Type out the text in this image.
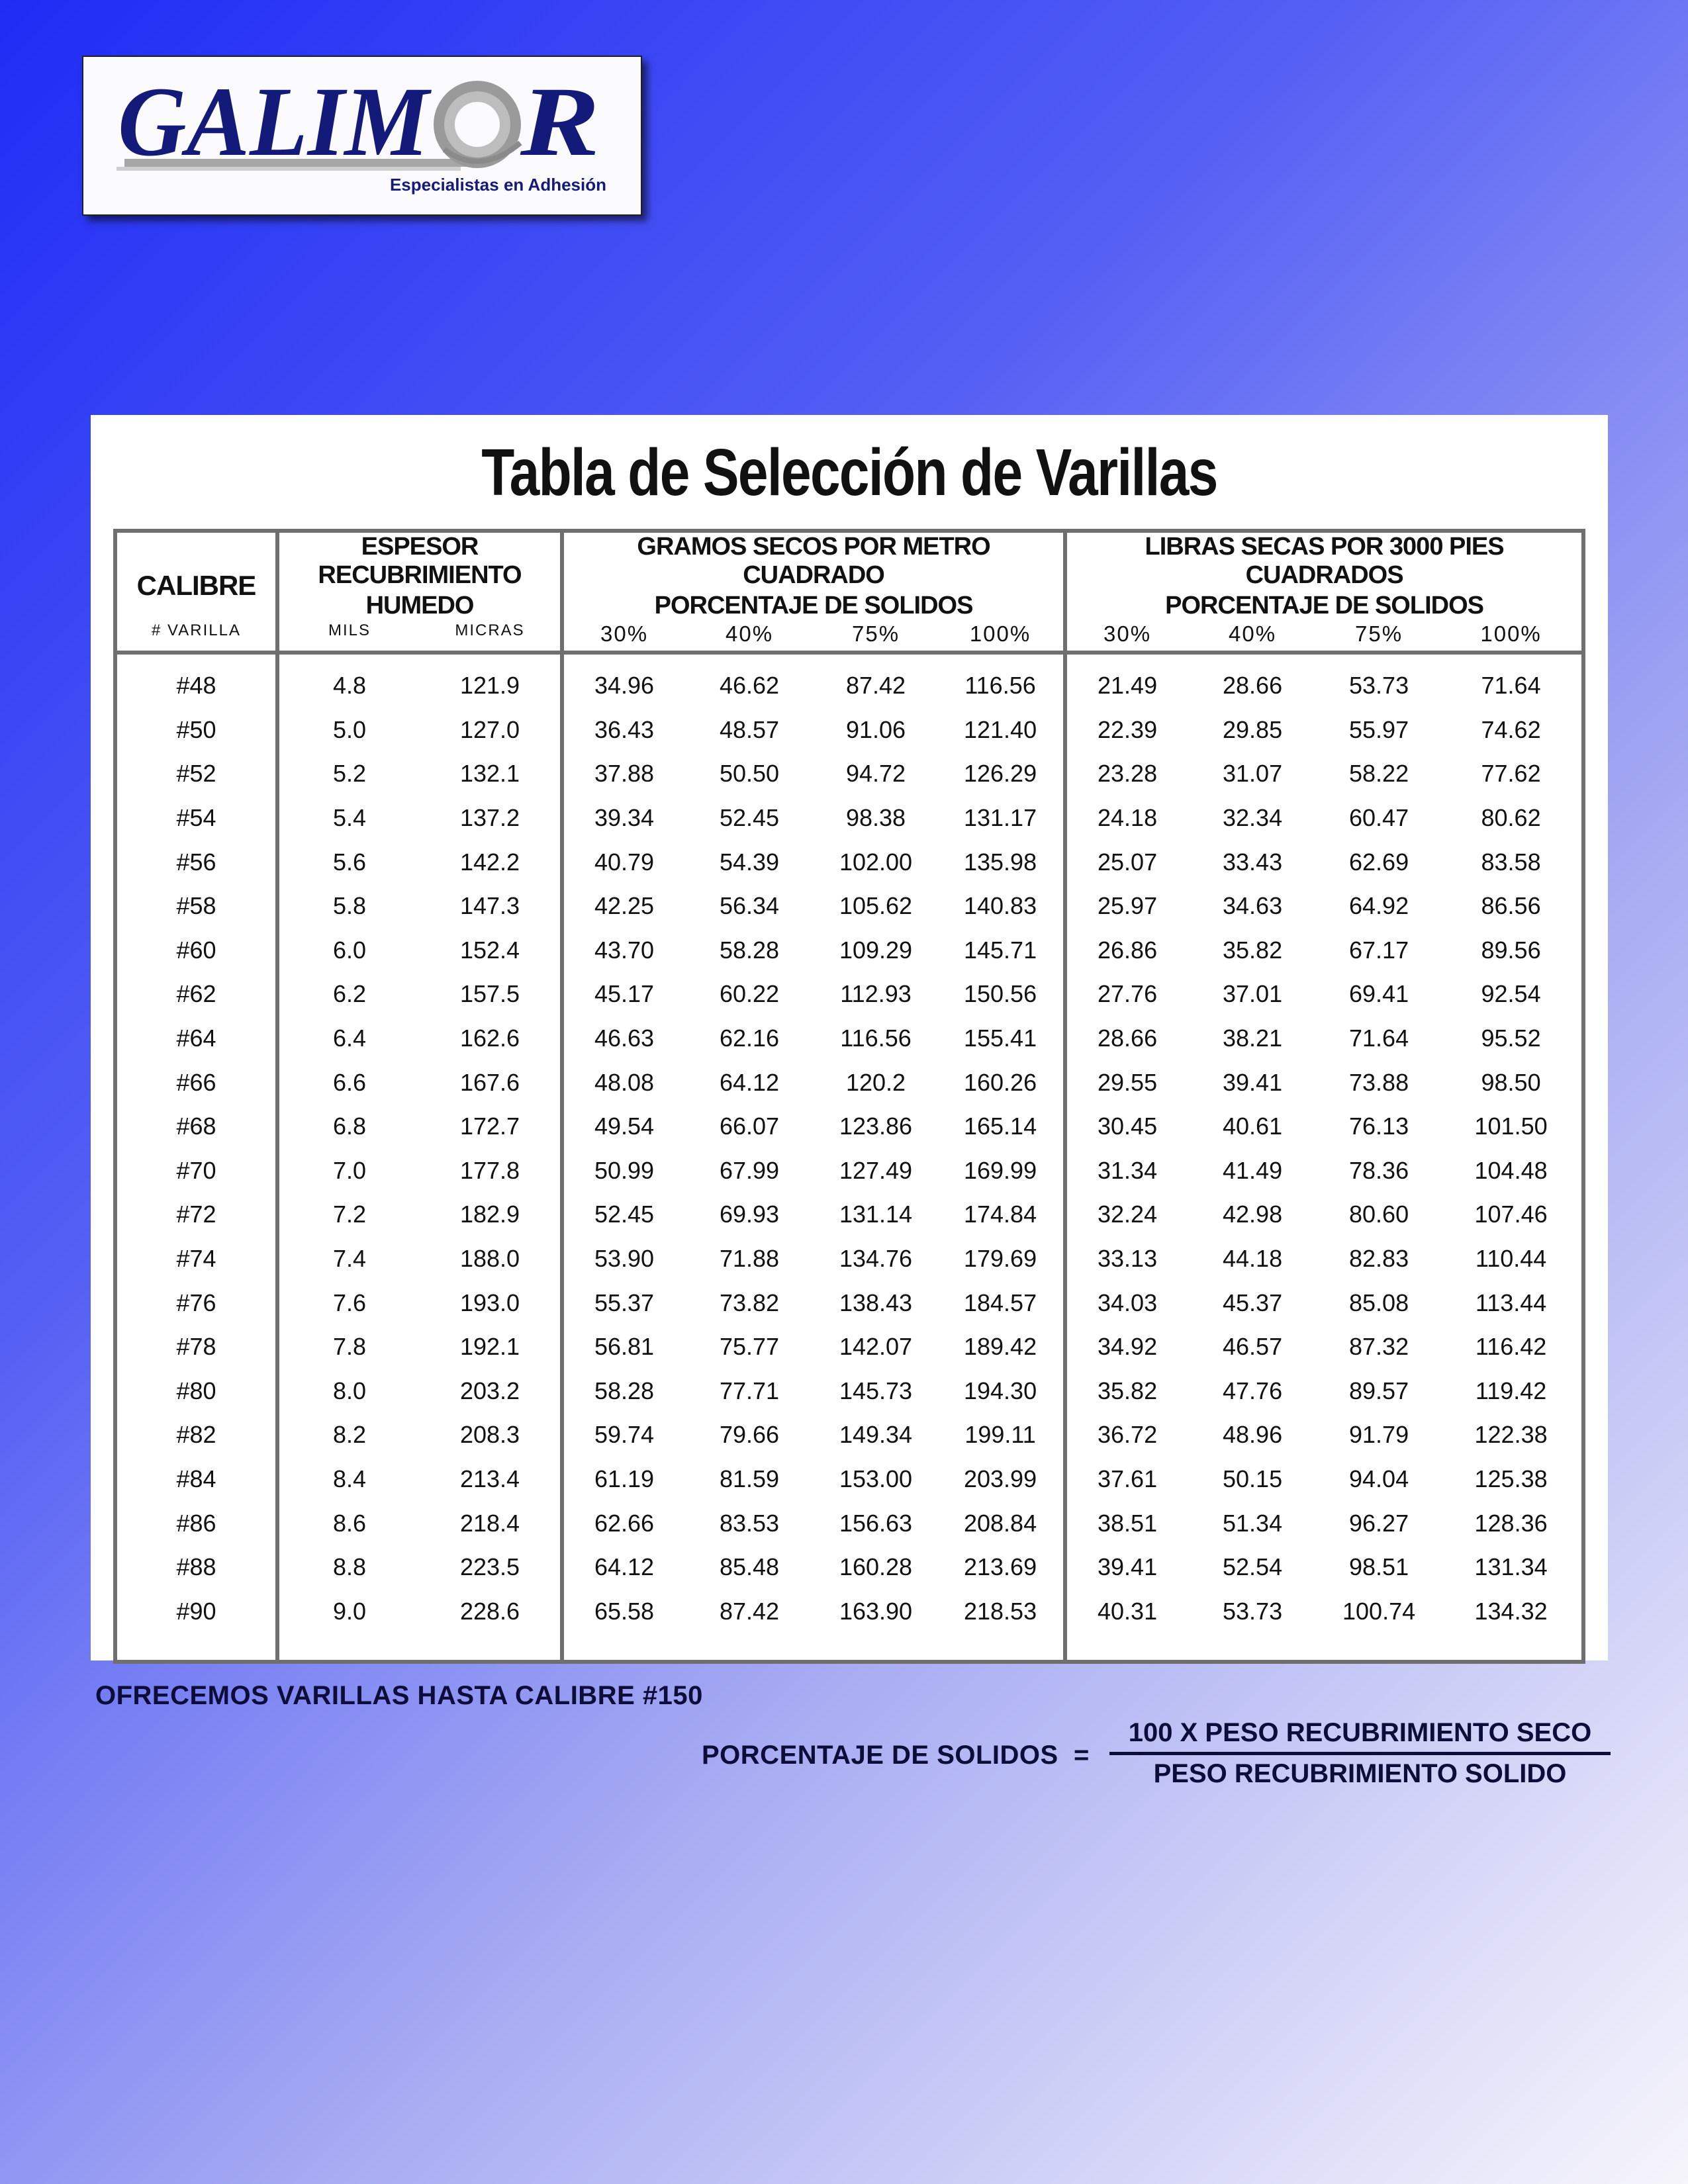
GALIM R
Especialistas en Adhesión
Tabla de Selección de Varillas
CALIBRE	ESPESOR RECUBRIMIENTO		GRAMOS SECOS POR METRO CUADRADO				LIBRAS SECAS POR 3000 PIES CUADRADOS			
	HUMEDO		PORCENTAJE DE SOLIDOS				PORCENTAJE DE SOLIDOS			
# VARILLA	MILS	MICRAS	30%	40%	75%	100%	30%	40%	75%	100%
#48	4.8	121.9	34.96	46.62	87.42	116.56	21.49	28.66	53.73	71.64
#50	5.0	127.0	36.43	48.57	91.06	121.40	22.39	29.85	55.97	74.62
#52	5.2	132.1	37.88	50.50	94.72	126.29	23.28	31.07	58.22	77.62
#54	5.4	137.2	39.34	52.45	98.38	131.17	24.18	32.34	60.47	80.62
#56	5.6	142.2	40.79	54.39	102.00	135.98	25.07	33.43	62.69	83.58
#58	5.8	147.3	42.25	56.34	105.62	140.83	25.97	34.63	64.92	86.56
#60	6.0	152.4	43.70	58.28	109.29	145.71	26.86	35.82	67.17	89.56
#62	6.2	157.5	45.17	60.22	112.93	150.56	27.76	37.01	69.41	92.54
#64	6.4	162.6	46.63	62.16	116.56	155.41	28.66	38.21	71.64	95.52
#66	6.6	167.6	48.08	64.12	120.2	160.26	29.55	39.41	73.88	98.50
#68	6.8	172.7	49.54	66.07	123.86	165.14	30.45	40.61	76.13	101.50
#70	7.0	177.8	50.99	67.99	127.49	169.99	31.34	41.49	78.36	104.48
#72	7.2	182.9	52.45	69.93	131.14	174.84	32.24	42.98	80.60	107.46
#74	7.4	188.0	53.90	71.88	134.76	179.69	33.13	44.18	82.83	110.44
#76	7.6	193.0	55.37	73.82	138.43	184.57	34.03	45.37	85.08	113.44
#78	7.8	192.1	56.81	75.77	142.07	189.42	34.92	46.57	87.32	116.42
#80	8.0	203.2	58.28	77.71	145.73	194.30	35.82	47.76	89.57	119.42
#82	8.2	208.3	59.74	79.66	149.34	199.11	36.72	48.96	91.79	122.38
#84	8.4	213.4	61.19	81.59	153.00	203.99	37.61	50.15	94.04	125.38
#86	8.6	218.4	62.66	83.53	156.63	208.84	38.51	51.34	96.27	128.36
#88	8.8	223.5	64.12	85.48	160.28	213.69	39.41	52.54	98.51	131.34
#90	9.0	228.6	65.58	87.42	163.90	218.53	40.31	53.73	100.74	134.32

OFRECEMOS VARILLAS HASTA CALIBRE #150
PORCENTAJE DE SOLIDOS  =
100 X PESO RECUBRIMIENTO SECO
PESO RECUBRIMIENTO SOLIDO
